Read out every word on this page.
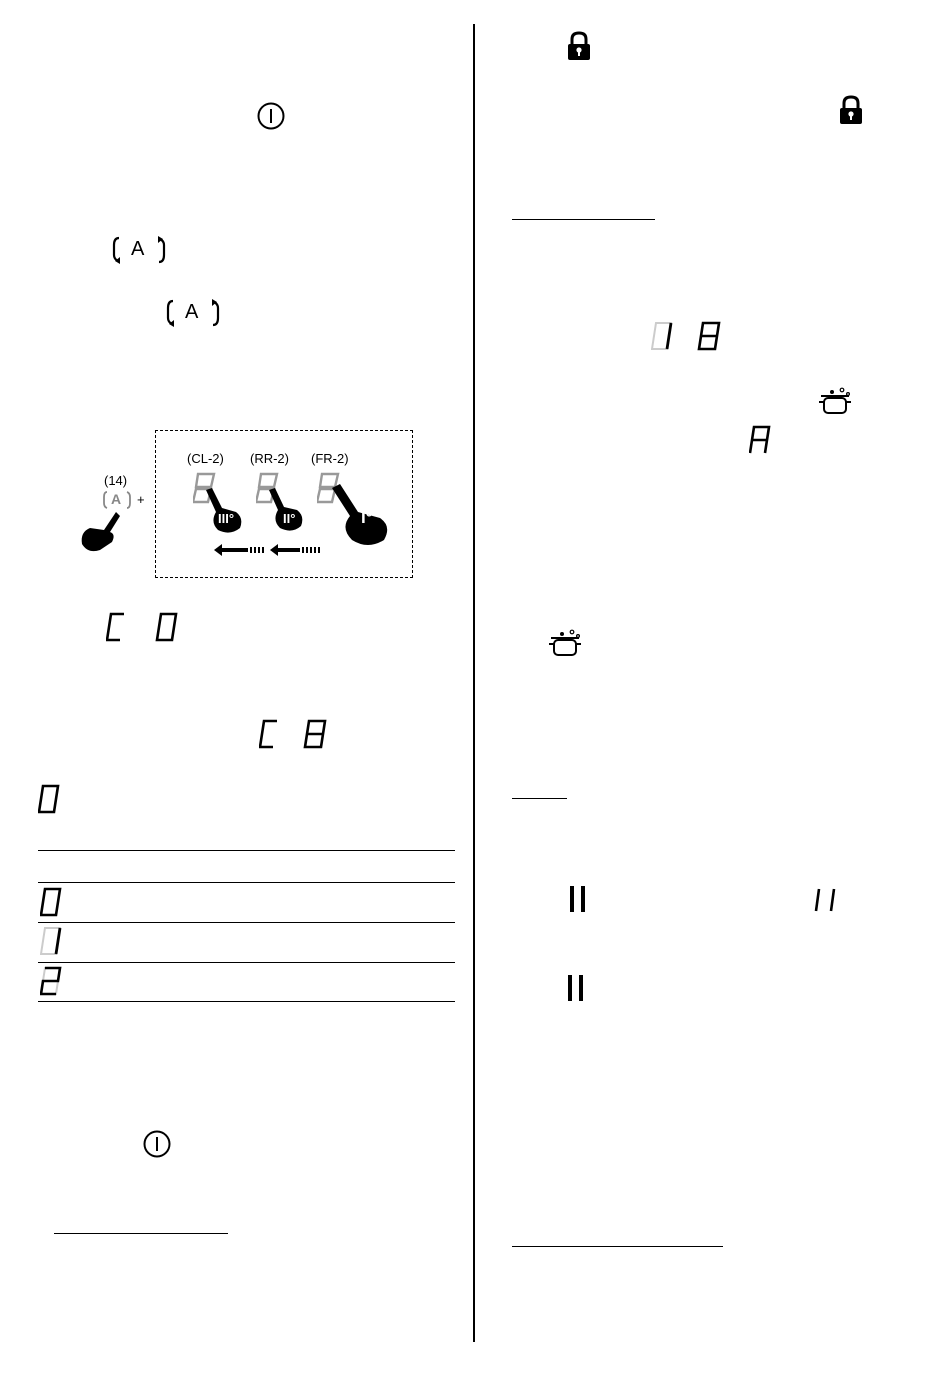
A
A
(14)
A +
(CL-2) (RR-2) (FR-2)
III°	II°	I°
